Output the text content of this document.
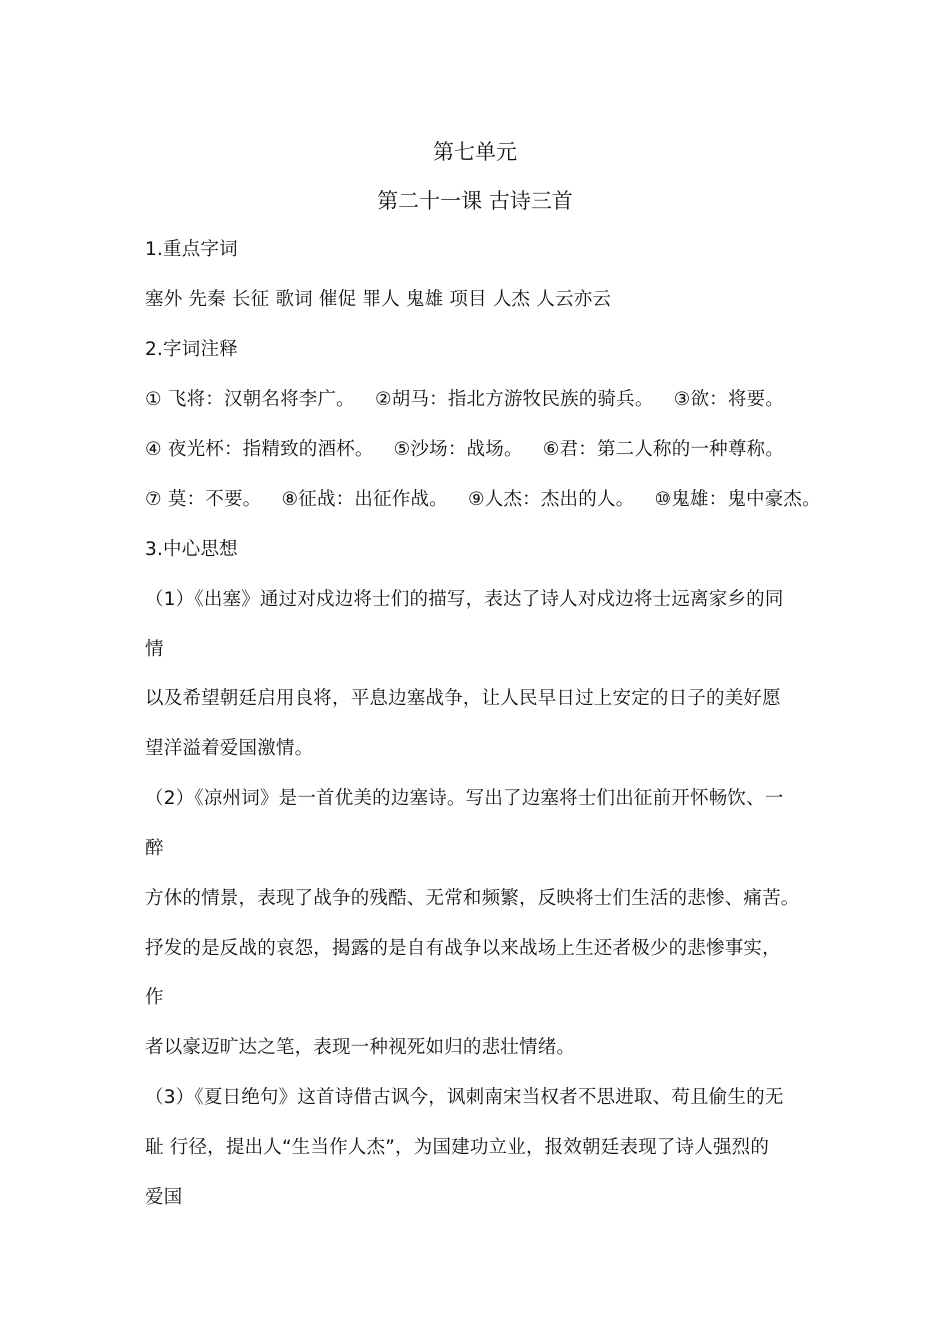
第七单元
第二十一课 古诗三首
1.重点字词
塞外 先秦 长征 歌词 催促 罪人 鬼雄 项目 人杰 人云亦云
2.字词注释
① 飞将：汉朝名将李广。 ②胡马：指北方游牧民族的骑兵。 ③欲：将要。
④ 夜光杯：指精致的酒杯。 ⑤沙场：战场。 ⑥君：第二人称的一种尊称。
⑦ 莫：不要。 ⑧征战：出征作战。 ⑨人杰：杰出的人。 ⑩鬼雄：鬼中豪杰。
3.中心思想
（1）《出塞》通过对戍边将士们的描写，表达了诗人对戍边将士远离家乡的同
情
以及希望朝廷启用良将，平息边塞战争，让人民早日过上安定的日子的美好愿
望洋溢着爱国激情。
（2）《凉州词》是一首优美的边塞诗。写出了边塞将士们出征前开怀畅饮、一
醉
方休的情景，表现了战争的残酷、无常和频繁，反映将士们生活的悲惨、痛苦。
抒发的是反战的哀怨，揭露的是自有战争以来战场上生还者极少的悲惨事实，
作
者以豪迈旷达之笔，表现一种视死如归的悲壮情绪。
（3）《夏日绝句》这首诗借古讽今，讽刺南宋当权者不思进取、苟且偷生的无
耻 行径，提出人“生当作人杰”，为国建功立业，报效朝廷表现了诗人强烈的
爱国
